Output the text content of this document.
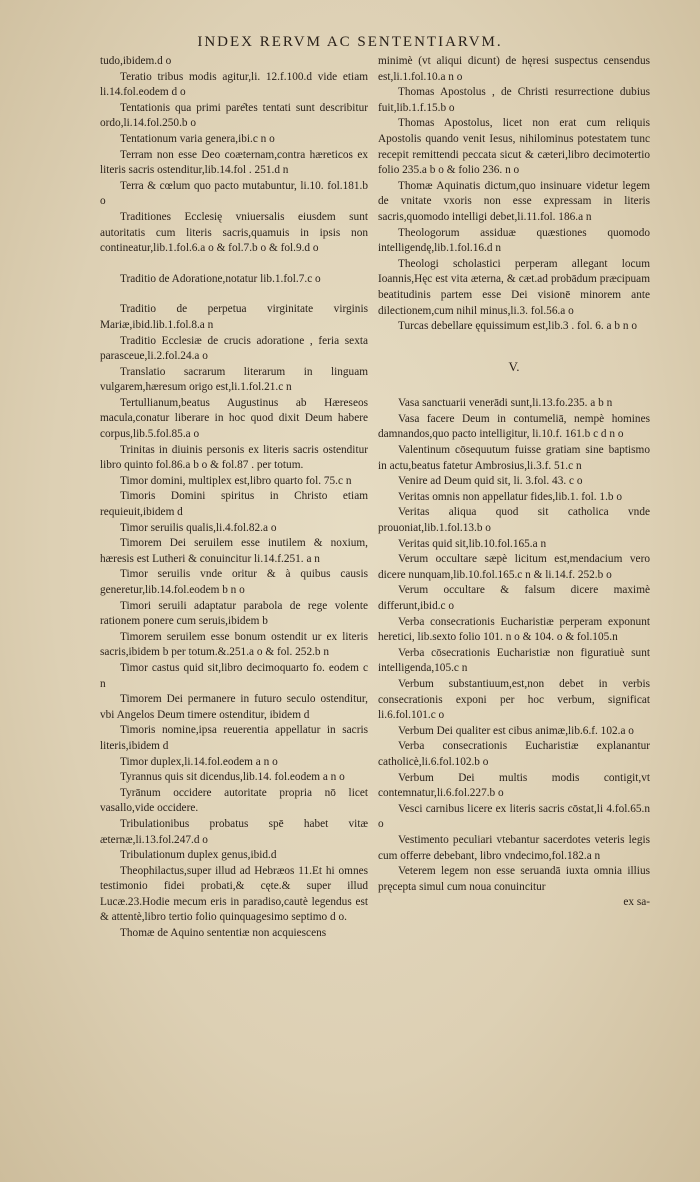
INDEX RERVM AC SENTENTIARVM.

tudo,ibidem.d o

Teratio tribus modis agitur,li. 12.f.100.d vide etiam li.14.fol.eodem d o

Tentationis qua primi pare͂tes tentati sunt describitur ordo,li.14.fol.250.b o

Tentationum varia genera,ibi.c n o

Terram non esse Deo coæternam,contra hæreticos ex literis sacris ostenditur,lib.14.fol . 251.d n

Terra & cœlum quo pacto mutabuntur, li.10. fol.181.b o

Traditiones Ecclesię vniuersalis eiusdem sunt autoritatis cum literis sacris,quamuis in ipsis non contineatur,lib.1.fol.6.a o & fol.7.b o & fol.9.d o

Traditio de Adoratione,notatur lib.1.fol.7.c o

Traditio de perpetua virginitate virginis Mariæ,ibid.lib.1.fol.8.a n

Traditio Ecclesiæ de crucis adoratione , feria sexta parasceue,li.2.fol.24.a o

Translatio sacrarum literarum in linguam vulgarem,hæresum origo est,li.1.fol.21.c n

Tertullianum,beatus Augustinus ab Hæreseos macula,conatur liberare in hoc quod dixit Deum habere corpus,lib.5.fol.85.a o

Trinitas in diuinis personis ex literis sacris ostenditur libro quinto fol.86.a b o & fol.87 . per totum.

Timor domini, multiplex est,libro quarto fol. 75.c n

Timoris Domini spiritus in Christo etiam requieuit,ibidem d

Timor seruilis qualis,li.4.fol.82.a o

Timorem Dei seruilem esse inutilem & noxium, hæresis est Lutheri & conuincitur li.14.f.251. a n

Timor seruilis vnde oritur & à quibus causis generetur,lib.14.fol.eodem b n o

Timori seruili adaptatur parabola de rege volente rationem ponere cum seruis,ibidem b

Timorem seruilem esse bonum ostendit ur ex literis sacris,ibidem b per totum.&.251.a o & fol. 252.b n

Timor castus quid sit,libro decimoquarto fo. eodem c n

Timorem Dei permanere in futuro seculo ostenditur, vbi Angelos Deum timere ostenditur, ibidem d

Timoris nomine,ipsa reuerentia appellatur in sacris literis,ibidem d

Timor duplex,li.14.fol.eodem a n o

Tyrannus quis sit dicendus,lib.14. fol.eodem a n o

Tyrānum occidere autoritate propria nō licet vasallo,vide occidere.

Tribulationibus probatus spē habet vitæ æternæ,li.13.fol.247.d o

Tribulationum duplex genus,ibid.d

Theophilactus,super illud ad Hebræos 11.Et hi omnes testimonio fidei probati,& cęte.& super illud Lucæ.23.Hodie mecum eris in paradiso,cautè legendus est & attentè,libro tertio folio quinquagesimo septimo d o.

Thomæ de Aquino sententiæ non acquiescens

minimè (vt aliqui dicunt) de hęresi suspectus censendus est,li.1.fol.10.a n o

Thomas Apostolus , de Christi resurrectione dubius fuit,lib.1.f.15.b o

Thomas Apostolus, licet non erat cum reliquis Apostolis quando venit Iesus, nihilominus potestatem tunc recepit remittendi peccata sicut & cæteri,libro decimotertio folio 235.a b o & folio 236. n o

Thomæ Aquinatis dictum,quo insinuare videtur legem de vnitate vxoris non esse expressam in literis sacris,quomodo intelligi debet,li.11.fol. 186.a n

Theologorum assiduæ quæstiones quomodo intelligendę,lib.1.fol.16.d n

Theologi scholastici perperam allegant locum Ioannis,Hęc est vita æterna, & cæt.ad probādum præcipuam beatitudinis partem esse Dei visionē minorem ante dilectionem,cum nihil minus,li.3. fol.56.a o

Turcas debellare ęquissimum est,lib.3 . fol. 6. a b n o

V.

Vasa sanctuarii venerādi sunt,li.13.fo.235. a b n

Vasa facere Deum in contumeliā, nempè homines damnandos,quo pacto intelligitur, li.10.f. 161.b c d n o

Valentinum cōsequutum fuisse gratiam sine baptismo in actu,beatus fatetur Ambrosius,li.3.f. 51.c n

Venire ad Deum quid sit, li. 3.fol. 43. c o

Veritas omnis non appellatur fides,lib.1. fol. 1.b o

Veritas aliqua quod sit catholica vnde prouoniat,lib.1.fol.13.b o

Veritas quid sit,lib.10.fol.165.a n

Verum occultare sæpè licitum est,mendacium vero dicere nunquam,lib.10.fol.165.c n & li.14.f. 252.b o

Verum occultare & falsum dicere maximè differunt,ibid.c o

Verba consecrationis Eucharistiæ perperam exponunt heretici, lib.sexto folio 101. n o & 104. o & fol.105.n

Verba cōsecrationis Eucharistiæ non figuratiuè sunt intelligenda,105.c n

Verbum substantiuum,est,non debet in verbis consecrationis exponi per hoc verbum, significat li.6.fol.101.c o

Verbum Dei qualiter est cibus animæ,lib.6.f. 102.a o

Verba consecrationis Eucharistiæ explanantur catholicè,li.6.fol.102.b o

Verbum Dei multis modis contigit,vt contemnatur,li.6.fol.227.b o

Vesci carnibus licere ex literis sacris cōstat,li 4.fol.65.n o

Vestimento peculiari vtebantur sacerdotes veteris legis cum offerre debebant, libro vndecimo,fol.182.a n

Veterem legem non esse seruandā iuxta omnia illius pręcepta simul cum noua conuincitur

ex sa-
